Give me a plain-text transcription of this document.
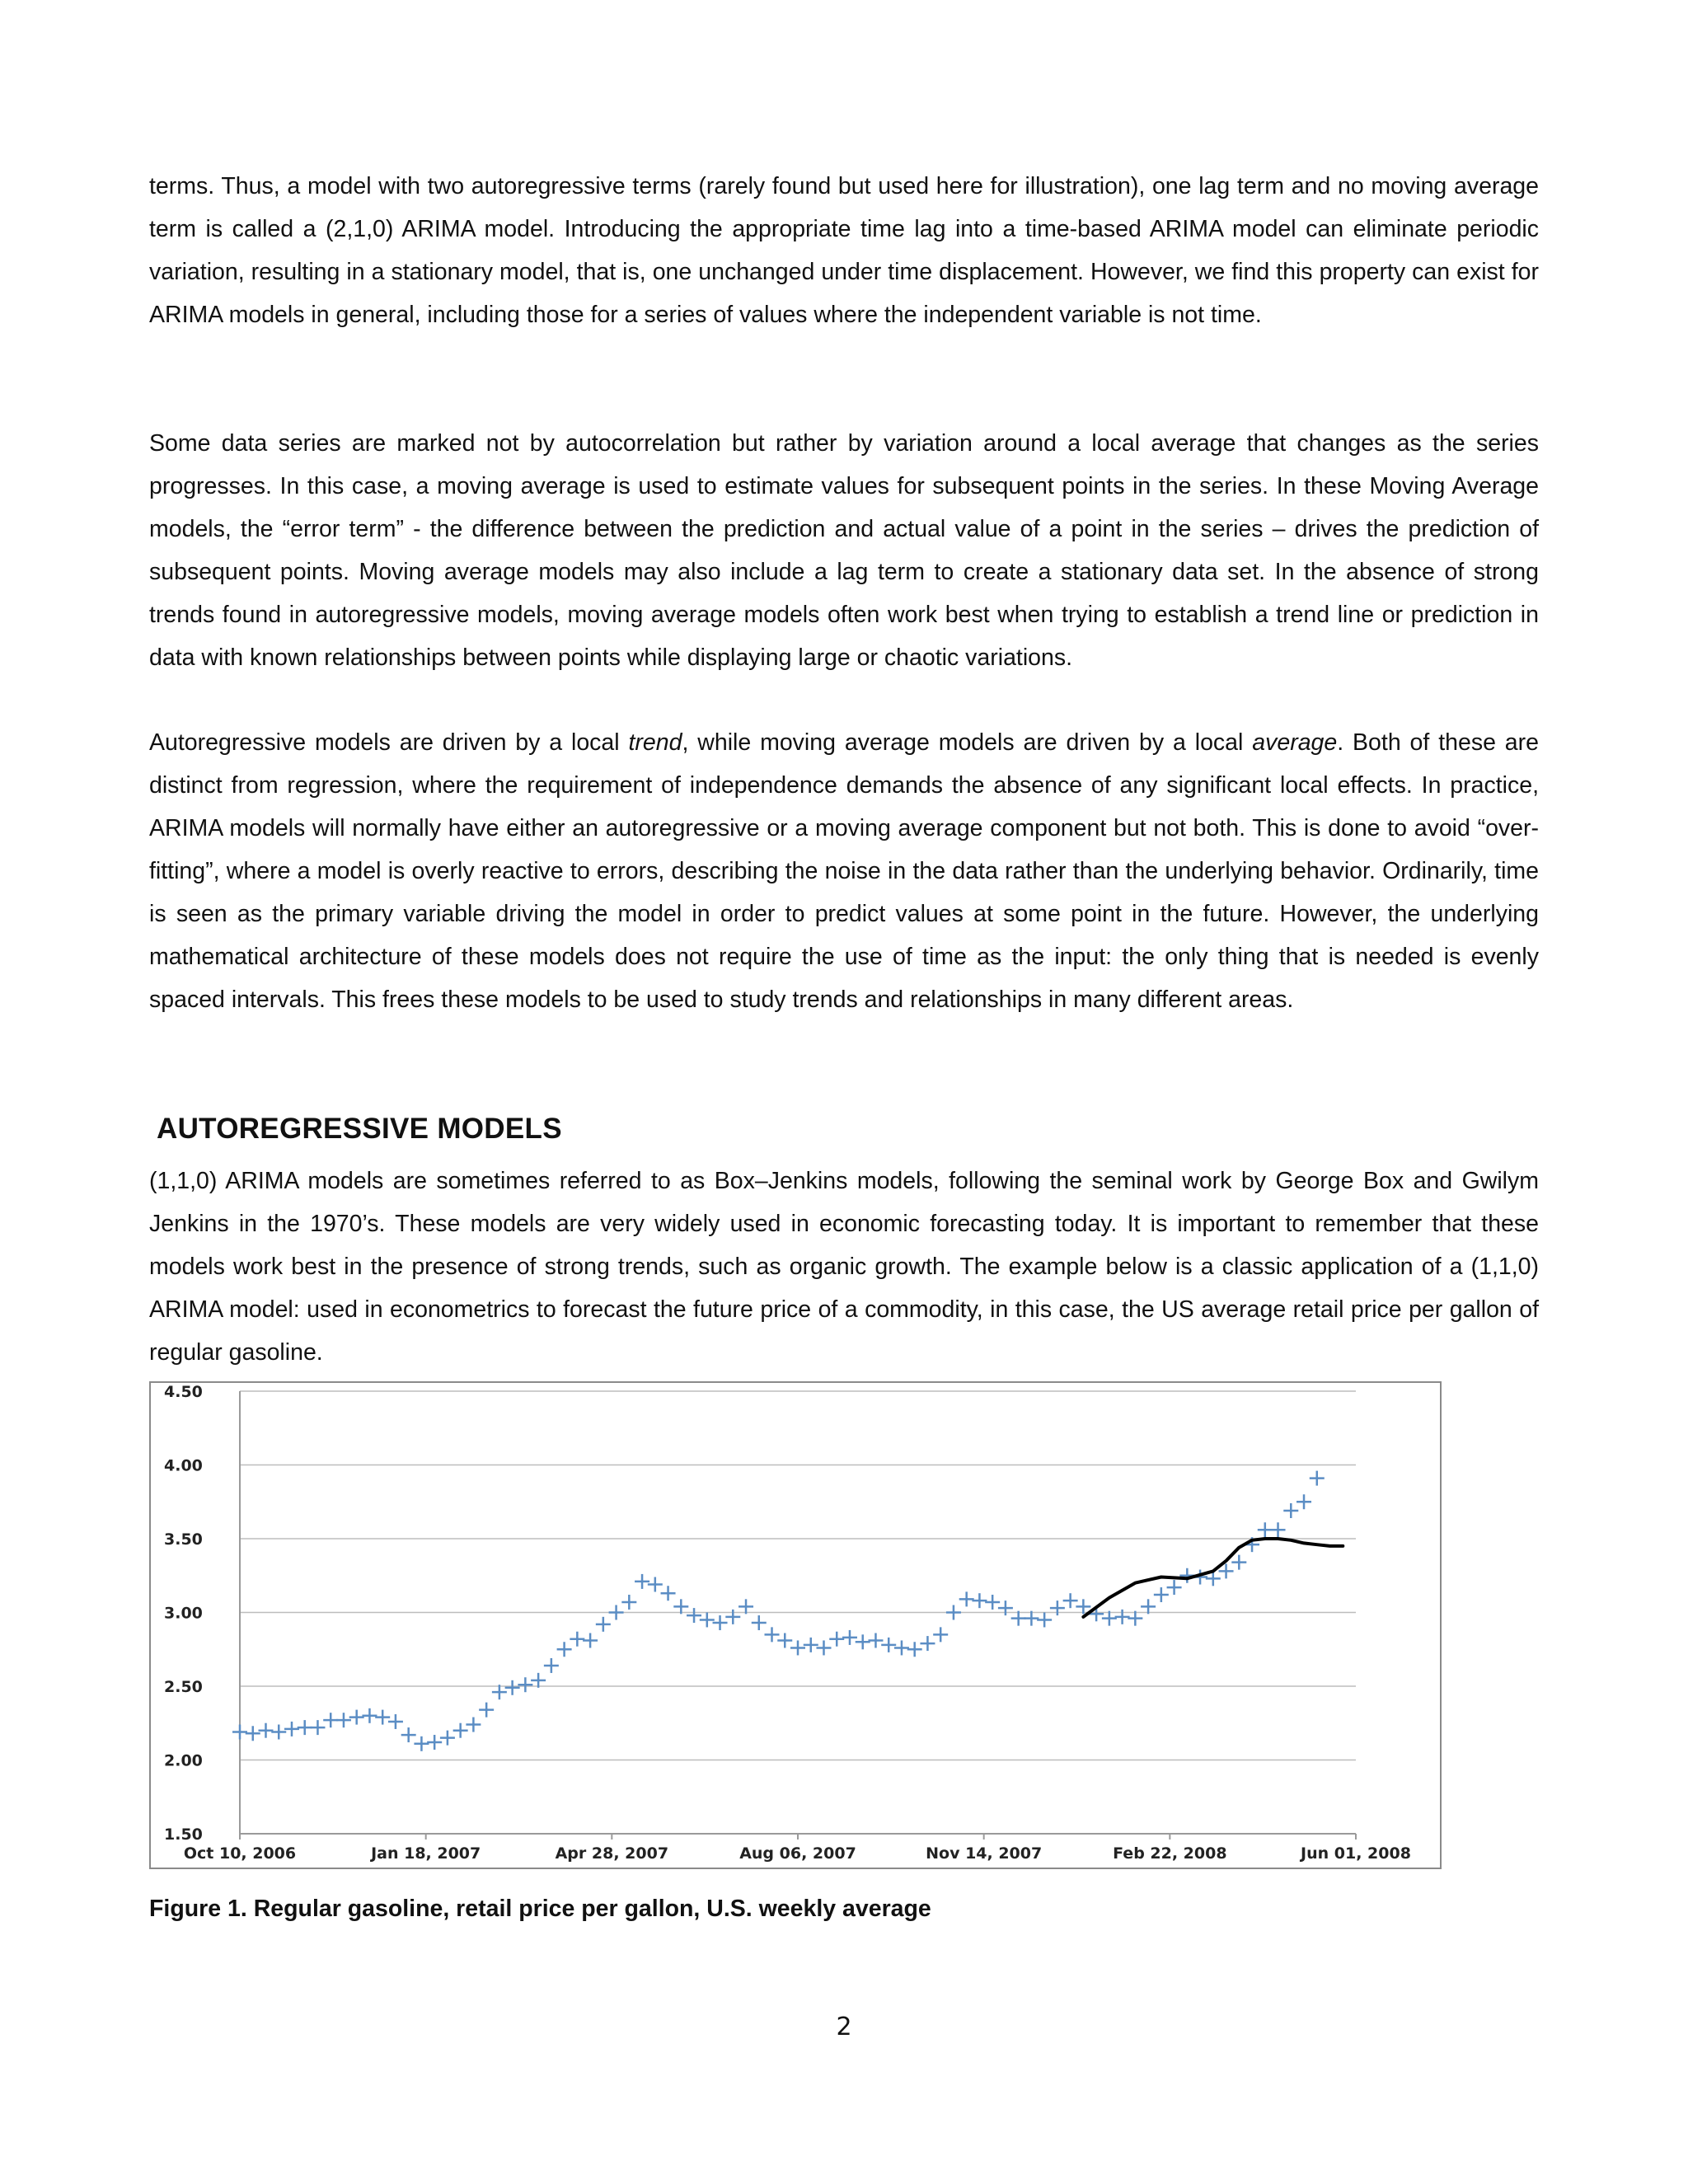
terms. Thus, a model with two autoregressive terms (rarely found but used here for illustration), one lag term and no moving average term is called a (2,1,0) ARIMA model. Introducing the appropriate time lag into a time-based ARIMA model can eliminate periodic variation, resulting in a stationary model, that is, one unchanged under time displacement. However, we find this property can exist for ARIMA models in general, including those for a series of values where the independent variable is not time.

Some data series are marked not by autocorrelation but rather by variation around a local average that changes as the series progresses. In this case, a moving average is used to estimate values for subsequent points in the series. In these Moving Average models, the “error term” - the difference between the prediction and actual value of a point in the series – drives the prediction of subsequent points. Moving average models may also include a lag term to create a stationary data set. In the absence of strong trends found in autoregressive models, moving average models often work best when trying to establish a trend line or prediction in data with known relationships between points while displaying large or chaotic variations.

Autoregressive models are driven by a local trend, while moving average models are driven by a local average. Both of these are distinct from regression, where the requirement of independence demands the absence of any significant local effects. In practice, ARIMA models will normally have either an autoregressive or a moving average component but not both. This is done to avoid “over-fitting”, where a model is overly reactive to errors, describing the noise in the data rather than the underlying behavior. Ordinarily, time is seen as the primary variable driving the model in order to predict values at some point in the future. However, the underlying mathematical architecture of these models does not require the use of time as the input: the only thing that is needed is evenly spaced intervals. This frees these models to be used to study trends and relationships in many different areas.

AUTOREGRESSIVE MODELS

(1,1,0) ARIMA models are sometimes referred to as Box–Jenkins models, following the seminal work by George Box and Gwilym Jenkins in the 1970’s. These models are very widely used in economic forecasting today. It is important to remember that these models work best in the presence of strong trends, such as organic growth. The example below is a classic application of a (1,1,0) ARIMA model: used in econometrics to forecast the future price of a commodity, in this case, the US average retail price per gallon of regular gasoline.

4.50
4.00
3.50
3.00
2.50
2.00
1.50
Oct 10, 2006	Jan 18, 2007	Apr 28, 2007	Aug 06, 2007	Nov 14, 2007	Feb 22, 2008	Jun 01, 2008

Figure 1. Regular gasoline, retail price per gallon, U.S. weekly average

2
